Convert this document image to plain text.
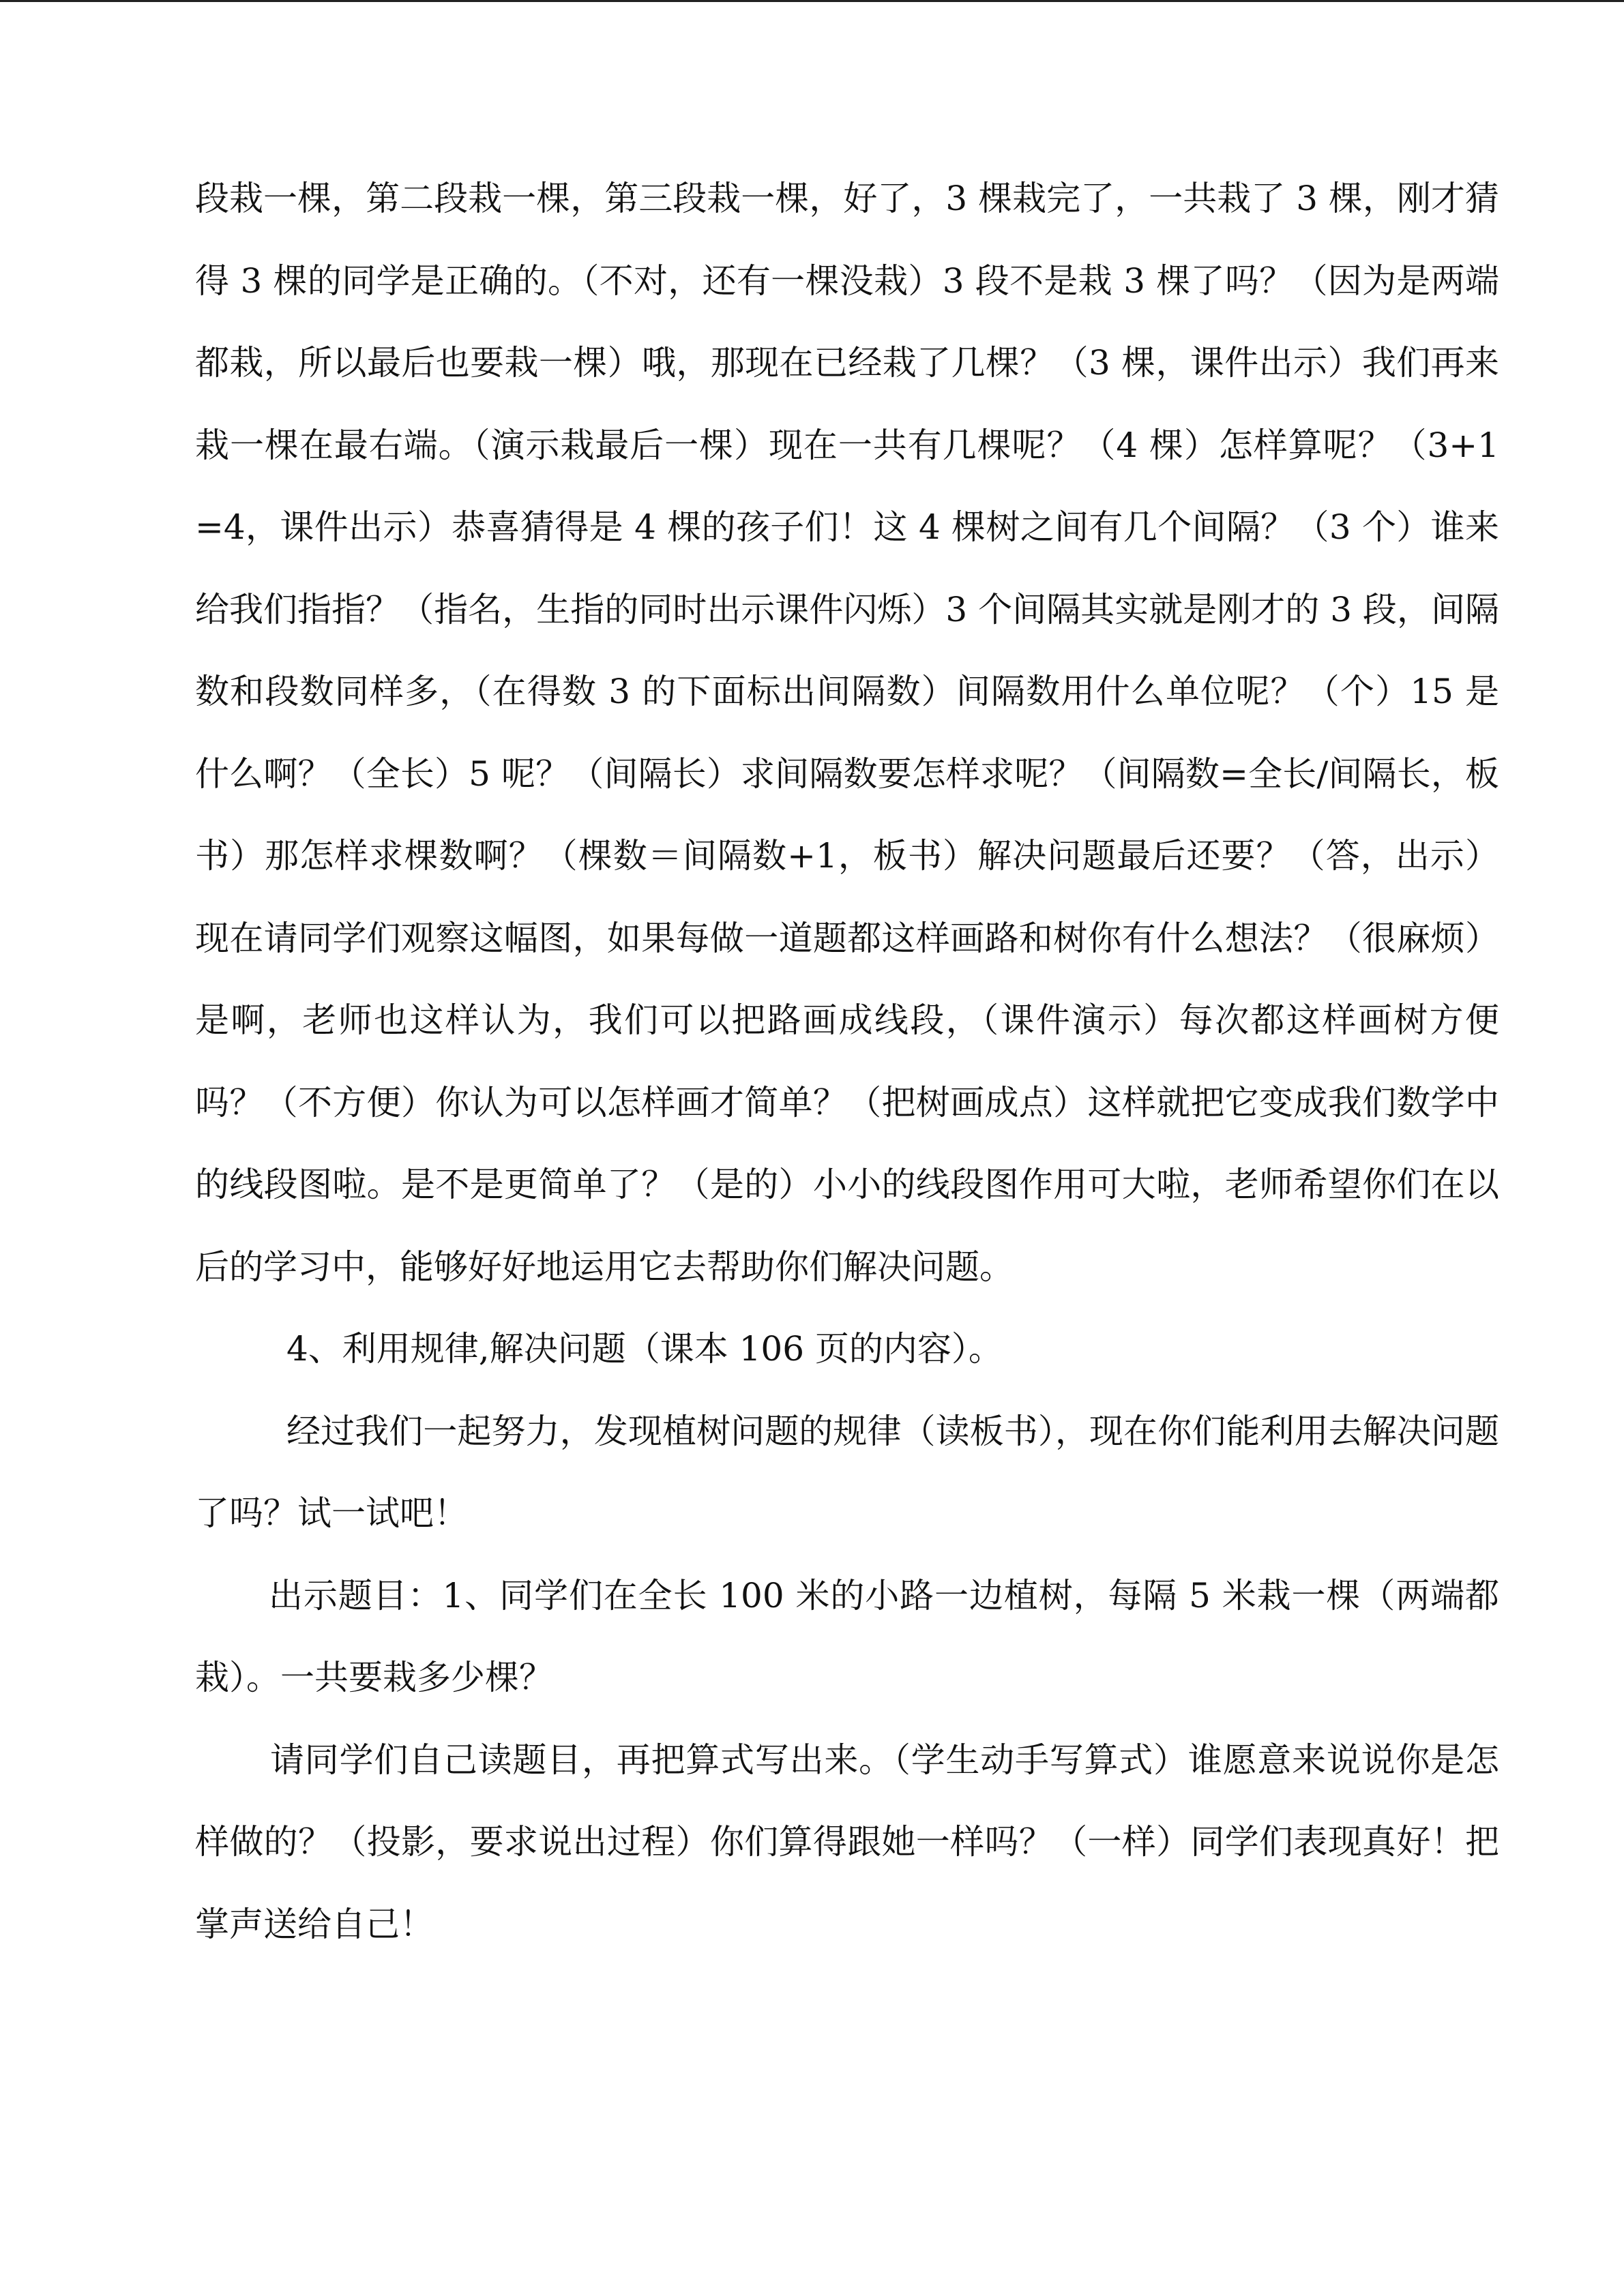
段栽一棵，第二段栽一棵，第三段栽一棵，好了，3 棵栽完了，一共栽了 3 棵，刚才猜得 3 棵的同学是正确的。（不对，还有一棵没栽）3 段不是栽 3 棵了吗？（因为是两端都栽，所以最后也要栽一棵）哦，那现在已经栽了几棵？（3 棵，课件出示）我们再来栽一棵在最右端。（演示栽最后一棵）现在一共有几棵呢？（4 棵）怎样算呢？（3+1=4，课件出示）恭喜猜得是 4 棵的孩子们！这 4 棵树之间有几个间隔？（3 个）谁来给我们指指？（指名，生指的同时出示课件闪烁）3 个间隔其实就是刚才的 3 段，间隔数和段数同样多，（在得数 3 的下面标出间隔数）间隔数用什么单位呢？（个）15 是什么啊？（全长）5 呢？（间隔长）求间隔数要怎样求呢？（间隔数=全长/间隔长，板书）那怎样求棵数啊？（棵数＝间隔数+1，板书）解决问题最后还要？（答，出示）现在请同学们观察这幅图，如果每做一道题都这样画路和树你有什么想法？（很麻烦）是啊，老师也这样认为，我们可以把路画成线段，（课件演示）每次都这样画树方便吗？（不方便）你认为可以怎样画才简单？（把树画成点）这样就把它变成我们数学中的线段图啦。是不是更简单了？（是的）小小的线段图作用可大啦，老师希望你们在以后的学习中，能够好好地运用它去帮助你们解决问题。

4、利用规律,解决问题（课本 106 页的内容）。

经过我们一起努力，发现植树问题的规律（读板书），现在你们能利用去解决问题了吗？试一试吧！

出示题目：1、同学们在全长 100 米的小路一边植树，每隔 5 米栽一棵（两端都栽）。一共要栽多少棵？

请同学们自己读题目，再把算式写出来。（学生动手写算式）谁愿意来说说你是怎样做的？（投影，要求说出过程）你们算得跟她一样吗？（一样）同学们表现真好！把掌声送给自己！
